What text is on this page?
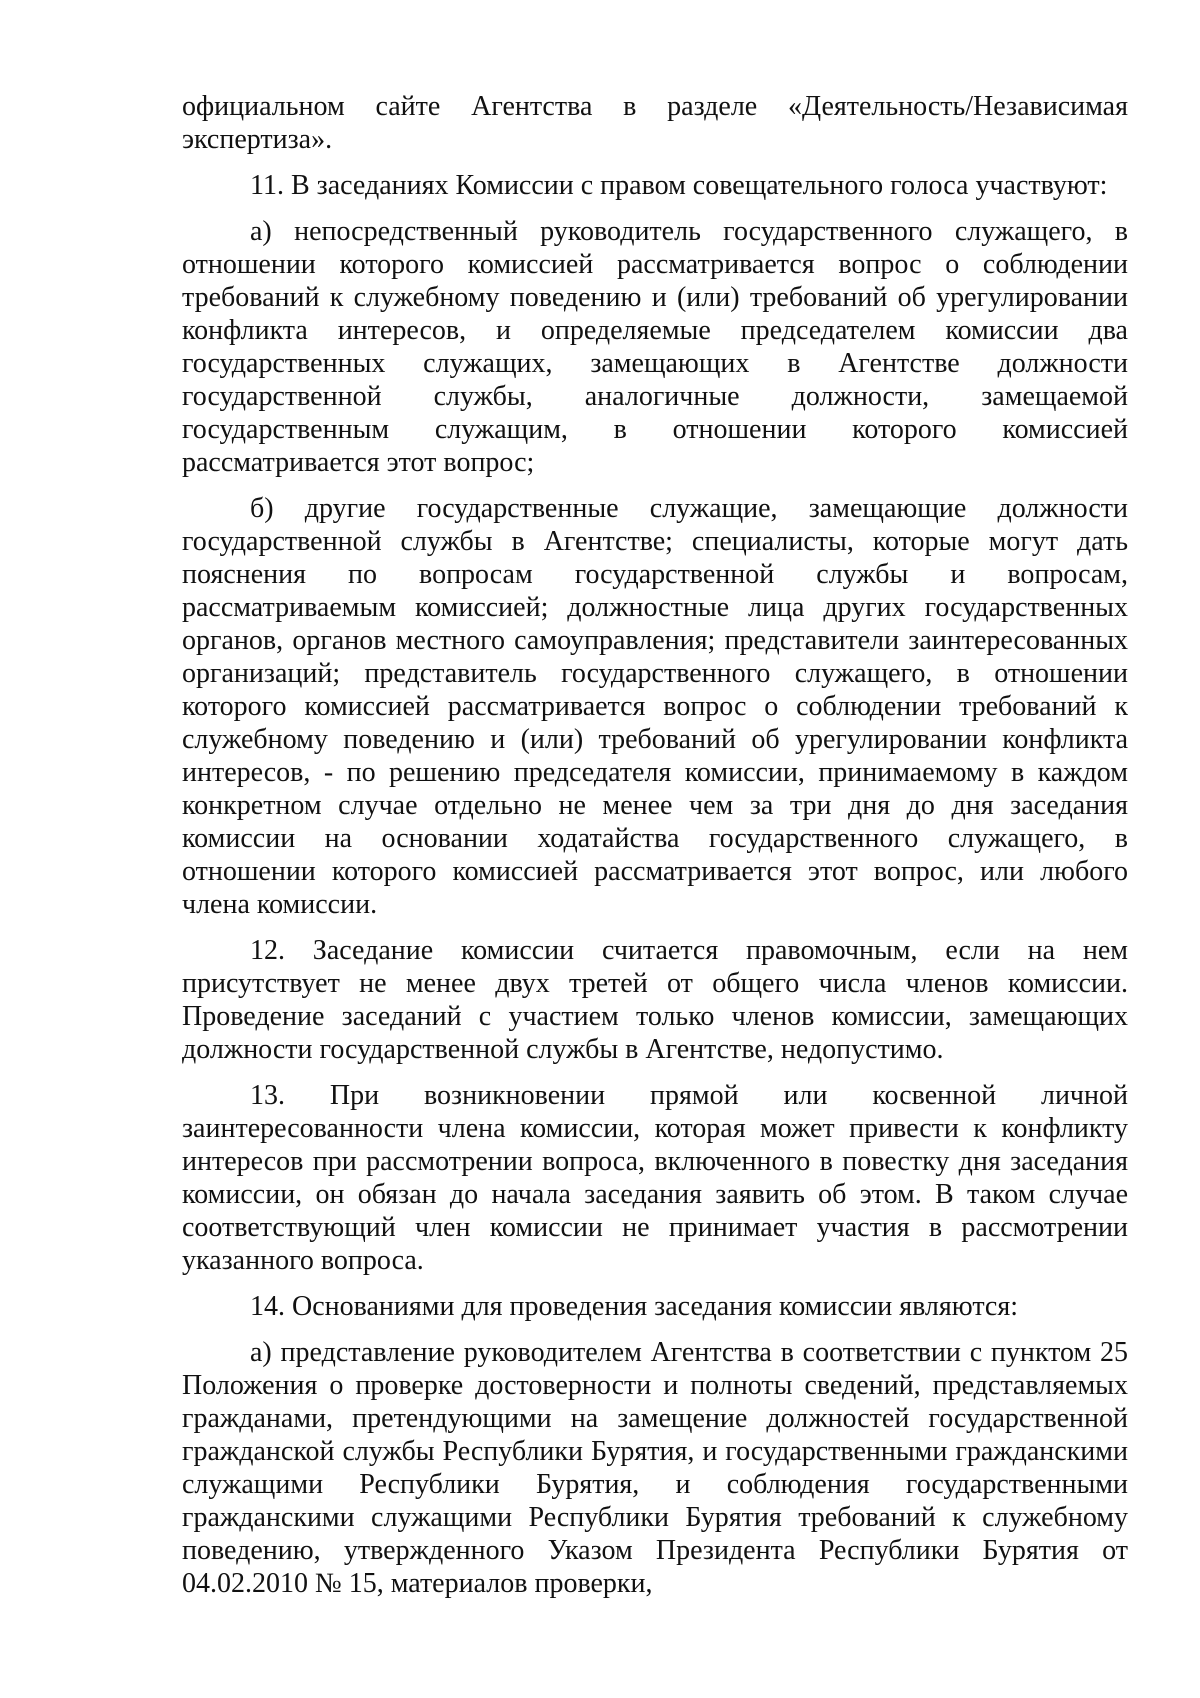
официальном сайте Агентства в разделе «Деятельность/Независимая экспертиза».

11. В заседаниях Комиссии с правом совещательного голоса участвуют:

а) непосредственный руководитель государственного служащего, в отношении которого комиссией рассматривается вопрос о соблюдении требований к служебному поведению и (или) требований об урегулировании конфликта интересов, и определяемые председателем комиссии два государственных служащих, замещающих в Агентстве должности государственной службы, аналогичные должности, замещаемой государственным служащим, в отношении которого комиссией рассматривается этот вопрос;

б) другие государственные служащие, замещающие должности государственной службы в Агентстве; специалисты, которые могут дать пояснения по вопросам государственной службы и вопросам, рассматриваемым комиссией; должностные лица других государственных органов, органов местного самоуправления; представители заинтересованных организаций; представитель государственного служащего, в отношении которого комиссией рассматривается вопрос о соблюдении требований к служебному поведению и (или) требований об урегулировании конфликта интересов, - по решению председателя комиссии, принимаемому в каждом конкретном случае отдельно не менее чем за три дня до дня заседания комиссии на основании ходатайства государственного служащего, в отношении которого комиссией рассматривается этот вопрос, или любого члена комиссии.

12. Заседание комиссии считается правомочным, если на нем присутствует не менее двух третей от общего числа членов комиссии. Проведение заседаний с участием только членов комиссии, замещающих должности государственной службы в Агентстве, недопустимо.

13. При возникновении прямой или косвенной личной заинтересованности члена комиссии, которая может привести к конфликту интересов при рассмотрении вопроса, включенного в повестку дня заседания комиссии, он обязан до начала заседания заявить об этом. В таком случае соответствующий член комиссии не принимает участия в рассмотрении указанного вопроса.

14. Основаниями для проведения заседания комиссии являются:

а) представление руководителем Агентства в соответствии с пунктом 25 Положения о проверке достоверности и полноты сведений, представляемых гражданами, претендующими на замещение должностей государственной гражданской службы Республики Бурятия, и государственными гражданскими служащими Республики Бурятия, и соблюдения государственными гражданскими служащими Республики Бурятия требований к служебному поведению, утвержденного Указом Президента Республики Бурятия от 04.02.2010 № 15, материалов проверки,
